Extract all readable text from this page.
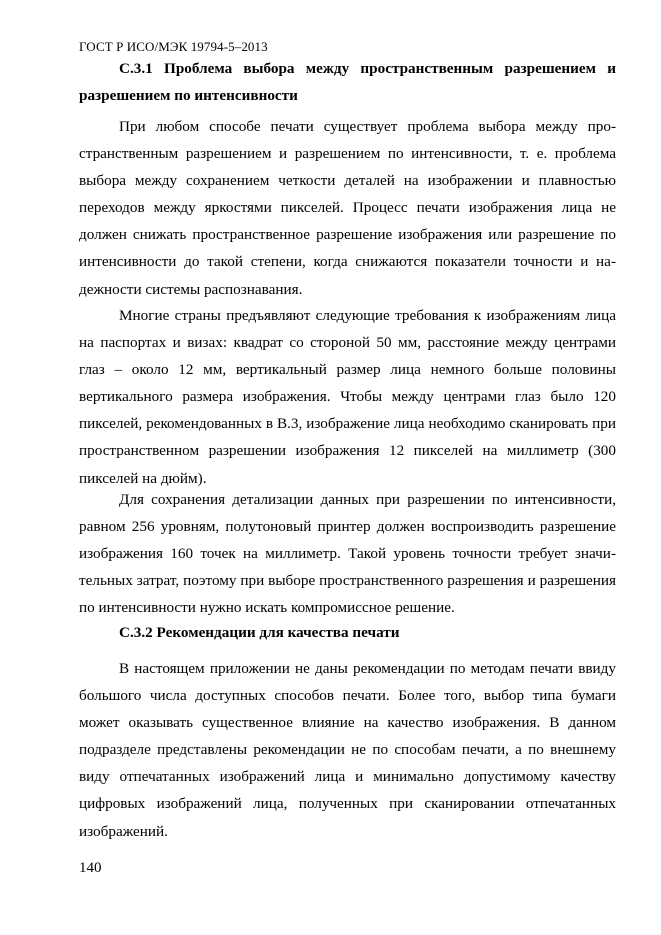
ГОСТ Р ИСО/МЭК 19794-5–2013
С.3.1 Проблема выбора между пространственным разрешением и
разрешением по интенсивности

При любом способе печати существует проблема выбора между пространственным разрешением и разрешением по интенсивности, т. е. проблема выбора между сохранением четкости деталей на изображении и плавностью переходов между яркостями пикселей. Процесс печати изображения лица не должен снижать пространственное разрешение изображения или разрешение по интенсивности до такой степени, когда снижаются показатели точности и надежности системы распознавания.

Многие страны предъявляют следующие требования к изображениям лица на паспортах и визах: квадрат со стороной 50 мм, расстояние между центрами глаз – около 12 мм, вертикальный размер лица немного больше половины вертикального размера изображения. Чтобы между центрами глаз было 120 пикселей, рекомендованных в В.3, изображение лица необходимо сканировать при пространственном разрешении изображения 12 пикселей на миллиметр (300 пикселей на дюйм).

Для сохранения детализации данных при разрешении по интенсивности, равном 256 уровням, полутоновый принтер должен воспроизводить разрешение изображения 160 точек на миллиметр. Такой уровень точности требует значительных затрат, поэтому при выборе пространственного разрешения и разрешения по интенсивности нужно искать компромиссное решение.

С.3.2 Рекомендации для качества печати

В настоящем приложении не даны рекомендации по методам печати ввиду большого числа доступных способов печати. Более того, выбор типа бумаги может оказывать существенное влияние на качество изображения. В данном подразделе представлены рекомендации не по способам печати, а по внешнему виду отпечатанных изображений лица и минимально допустимому качеству цифровых изображений лица, полученных при сканировании отпечатанных изображений.

140
